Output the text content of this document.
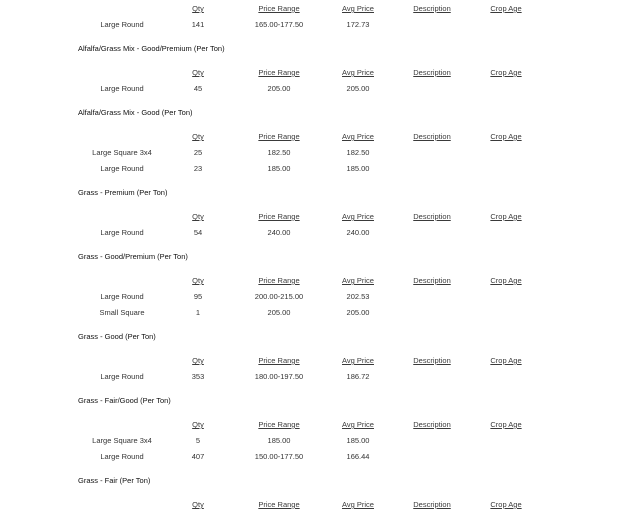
Qty	Price Range	Avg Price	Description	Crop Age
Large Round	141	165.00-177.50	172.73
Alfalfa/Grass Mix - Good/Premium (Per Ton)
Qty	Price Range	Avg Price	Description	Crop Age
Large Round	45	205.00	205.00
Alfalfa/Grass Mix - Good (Per Ton)
Qty	Price Range	Avg Price	Description	Crop Age
Large Square 3x4	25	182.50	182.50
Large Round	23	185.00	185.00
Grass - Premium (Per Ton)
Qty	Price Range	Avg Price	Description	Crop Age
Large Round	54	240.00	240.00
Grass - Good/Premium (Per Ton)
Qty	Price Range	Avg Price	Description	Crop Age
Large Round	95	200.00-215.00	202.53
Small Square	1	205.00	205.00
Grass - Good (Per Ton)
Qty	Price Range	Avg Price	Description	Crop Age
Large Round	353	180.00-197.50	186.72
Grass - Fair/Good (Per Ton)
Qty	Price Range	Avg Price	Description	Crop Age
Large Square 3x4	5	185.00	185.00
Large Round	407	150.00-177.50	166.44
Grass - Fair (Per Ton)
Qty	Price Range	Avg Price	Description	Crop Age
